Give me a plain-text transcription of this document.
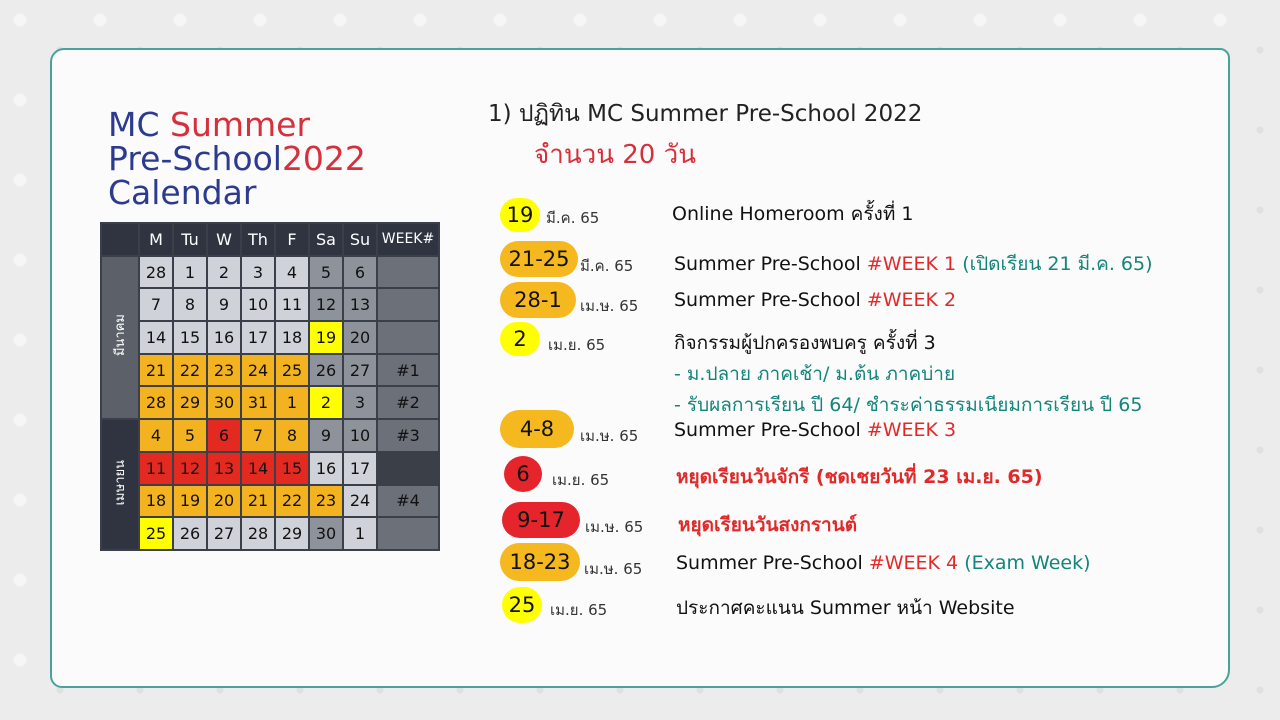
MC Summer
Pre-School2022
Calendar
	M	Tu	W	Th	F	Sa	Su	WEEK#
มีนาคม	28	1	2	3	4	5	6	
	7	8	9	10	11	12	13	
	14	15	16	17	18	19	20	
	21	22	23	24	25	26	27	#1
	28	29	30	31	1	2	3	#2
เมษายน	4	5	6	7	8	9	10	#3
	11	12	13	14	15	16	17	
	18	19	20	21	22	23	24	#4
	25	26	27	28	29	30	1	
1) ปฏิทิน MC Summer Pre-School 2022
จำนวน 20 วัน
19 มี.ค. 65	Online Homeroom ครั้งที่ 1
21-25 มี.ค. 65 Summer Pre-School #WEEK 1 (เปิดเรียน 21 มี.ค. 65)
28-1	เม.ษ. 65 Summer Pre-School #WEEK 2
2	เม.ย. 65	กิจกรรมผู้ปกครองพบครู ครั้งที่ 3
- ม.ปลาย ภาคเช้า/ ม.ต้น ภาคบ่าย
- รับผลการเรียน ปี 64/ ชำระค่าธรรมเนียมการเรียน ปี 65
4-8	เม.ษ. 65 Summer Pre-School #WEEK 3
6	เม.ย. 65	หยุดเรียนวันจักรี (ชดเชยวันที่ 23 เม.ย. 65)
9-17	เม.ษ. 65 หยุดเรียนวันสงกรานต์
18-23 เม.ษ. 65 Summer Pre-School #WEEK 4 (Exam Week)
25 เม.ย. 65	ประกาศคะแนน Summer หน้า Website
